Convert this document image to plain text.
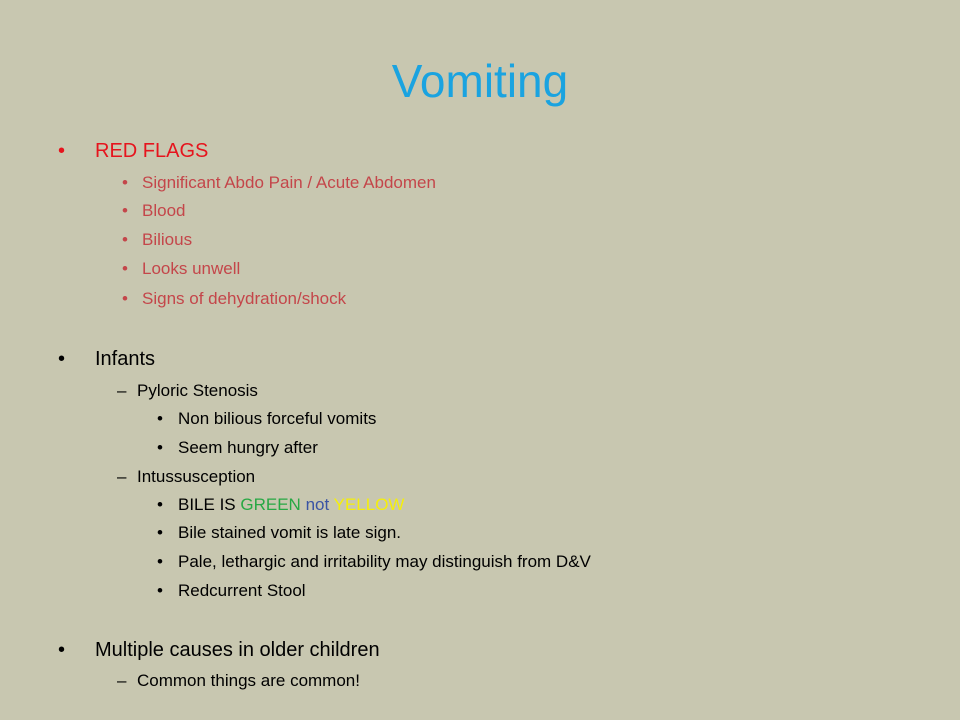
Vomiting
• RED FLAGS
• Significant Abdo Pain / Acute Abdomen
• Blood
• Bilious
• Looks unwell
• Signs of dehydration/shock
• Infants
– Pyloric Stenosis
• Non bilious forceful vomits
• Seem hungry after
– Intussusception
• BILE IS GREEN not YELLOW
• Bile stained vomit is late sign.
• Pale, lethargic and irritability may distinguish from D&V
• Redcurrent Stool
• Multiple causes in older children
– Common things are common!
